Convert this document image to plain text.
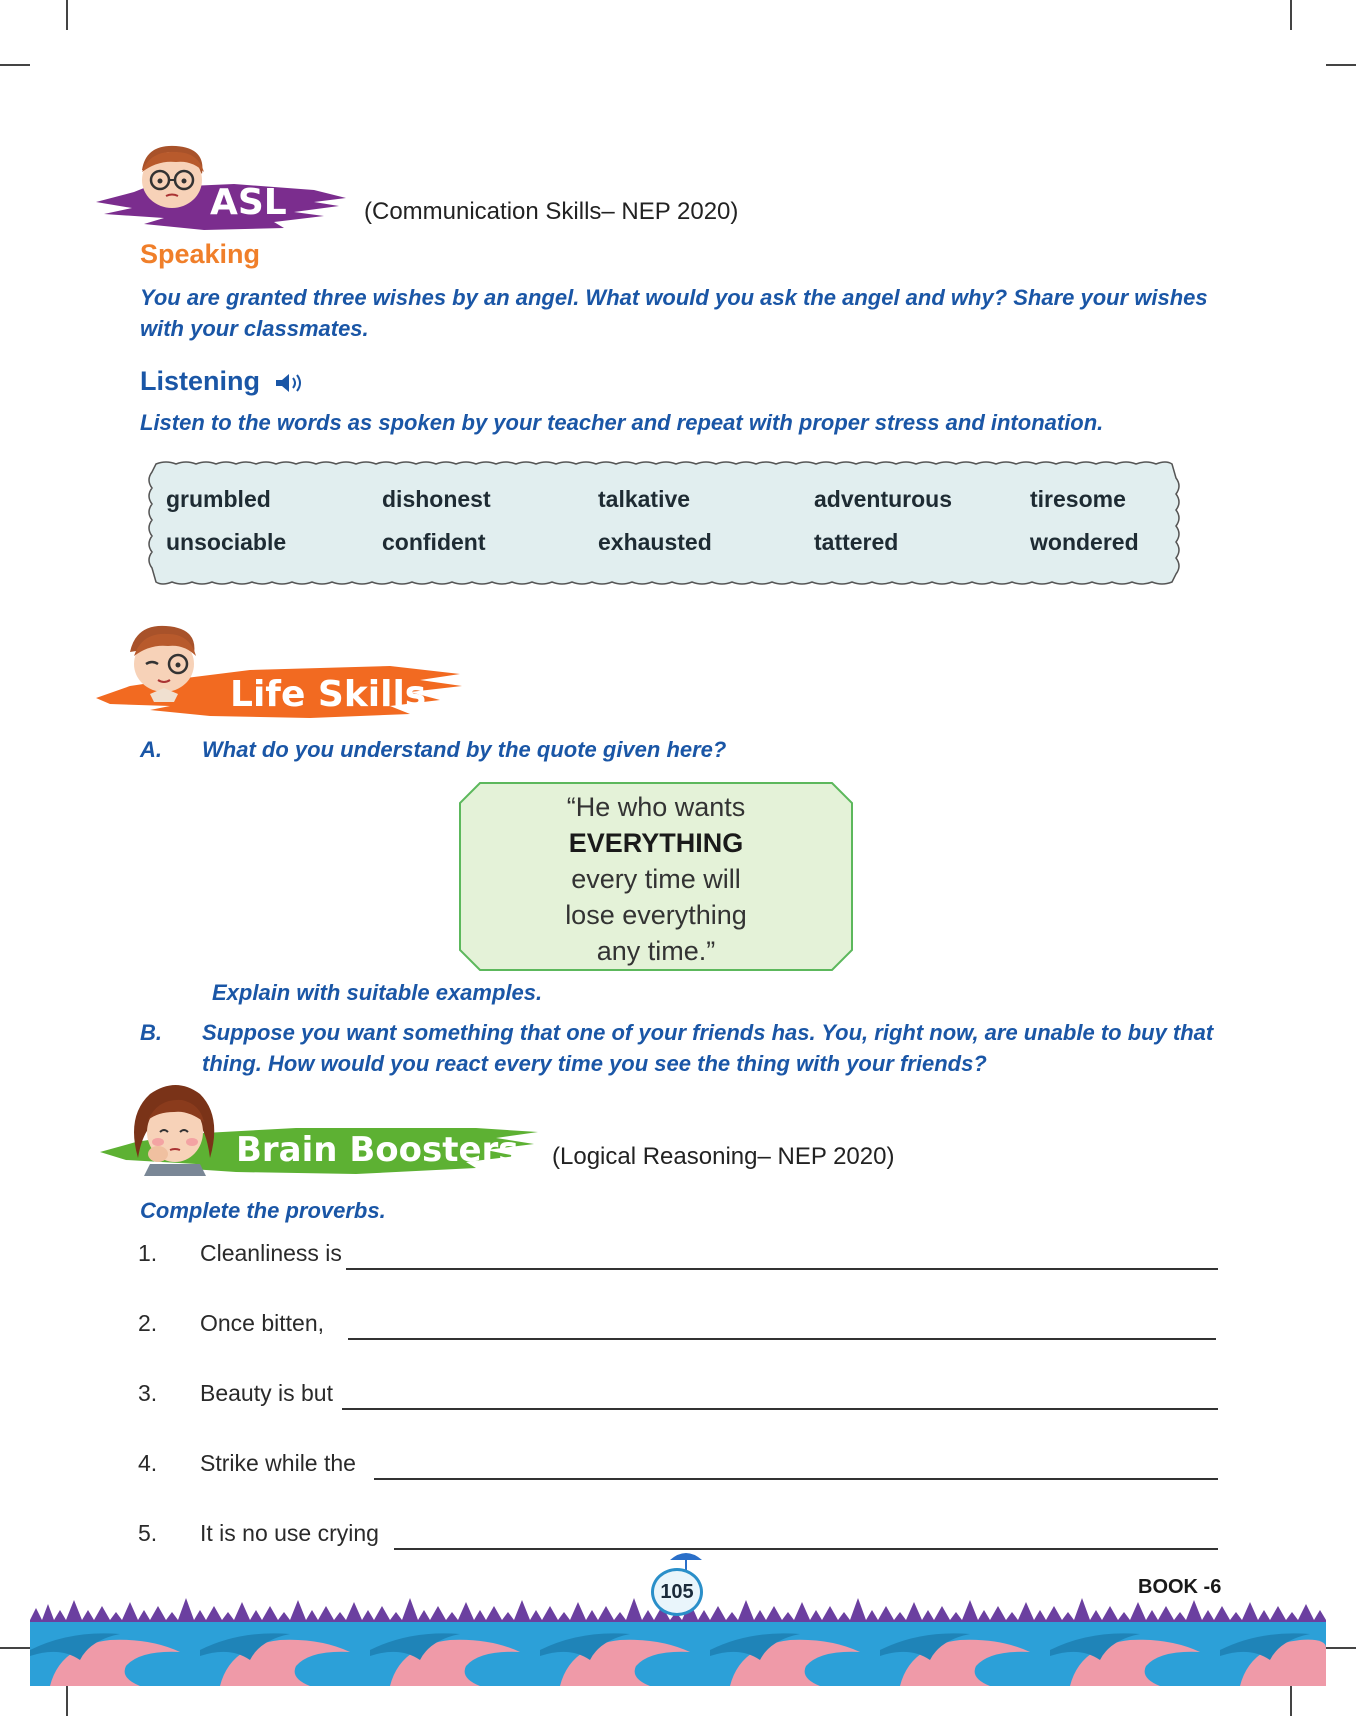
ASL	(Communication Skills– NEP 2020)
Speaking
You are granted three wishes by an angel. What would you ask the angel and why? Share your wishes with your classmates.
Listening
Listen to the words as spoken by your teacher and repeat with proper stress and intonation.
grumbled	dishonest	talkative	adventurous	tiresome
unsociable	confident	exhausted	tattered	wondered
Life Skills
A. What do you understand by the quote given here?
“He who wants
EVERYTHING
every time will
lose everything
any time.”
Explain with suitable examples.
B. Suppose you want something that one of your friends has. You, right now, are unable to buy that thing. How would you react every time you see the thing with your friends?
Brain Boosters (Logical Reasoning– NEP 2020)
Complete the proverbs.
1. Cleanliness is
2. Once bitten,
3. Beauty is but
4. Strike while the
5. It is no use crying
105	BOOK -6
